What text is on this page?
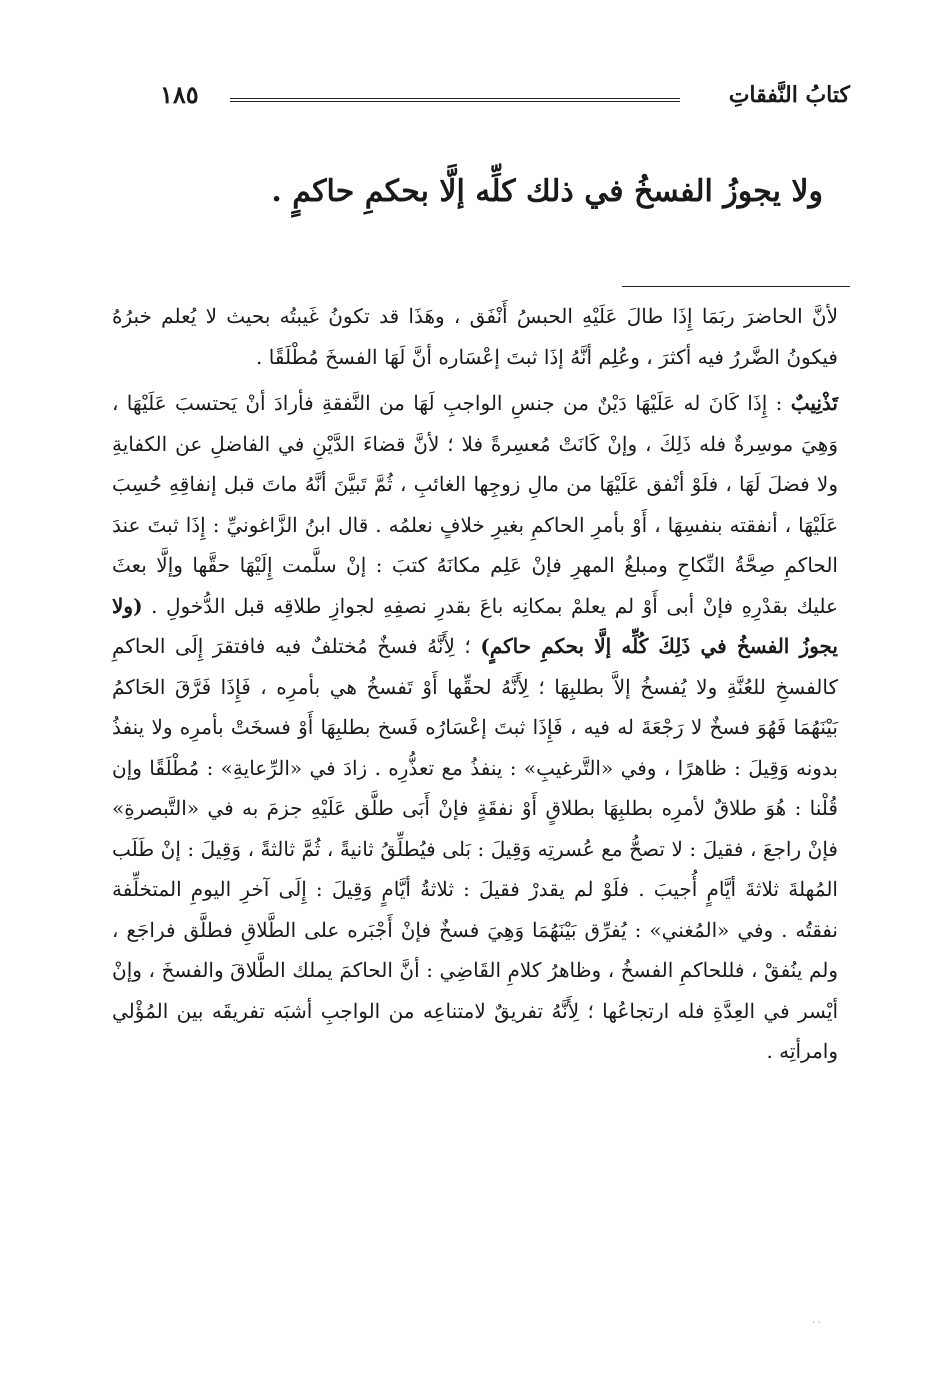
كتابُ النَّفقاتِ
١٨٥
ولا يجوزُ الفسخُ في ذلك كلِّه إلَّا بحكمِ حاكمٍ .

لأنَّ الحاضرَ ربَمَا إِذَا طالَ عَلَيْهِ الحبسُ أَنْفَق ، وهَذَا قد تكونُ غَيبتُه بحيث لا يُعلم خبرُهُ فيكونُ الضَّررُ فيه أكثرَ ، وعُلِم أنَّهُ إذَا ثبتَ إعْسَاره أنَّ لَهَا الفسخَ مُطْلَقًا .

تَذْنِيبٌ : إِذَا كَانَ له عَلَيْهَا دَيْنٌ من جنسِ الواجبِ لَهَا من النَّفقةِ فأرادَ أنْ يَحتسبَ عَلَيْهَا ، وَهِيَ موسِرةٌ فله ذَلِكَ ، وإنْ كَانَتْ مُعسِرةً فلا ؛ لأنَّ قضاءَ الدَّيْنِ في الفاضلِ عن الكفايةِ ولا فضلَ لَهَا ، فلَوْ أنْفق عَلَيْهَا من مالِ زوجِها الغائبِ ، ثُمَّ تَبيَّنَ أنَّهُ ماتَ قبل إنفاقِهِ حُسِبَ عَلَيْهَا ، أنفقته بنفسِهَا ، أَوْ بأمرِ الحاكمِ بغيرِ خلافٍ نعلمُه . قال ابنُ الزَّاغونيِّ : إِذَا ثبتَ عندَ الحاكمِ صِحَّةُ النِّكاحِ ومبلغُ المهرِ فإنْ عَلِم مكانَهُ كتبَ : إنْ سلَّمت إِلَيْهَا حقَّها وإلَّا بعثَ عليك بقدْرِهِ فإنْ أبى أَوْ لم يعلمْ بمكانِه باعَ بقدرِ نصفِهِ لجوازِ طلاقِه قبل الدُّخولِ . (ولا يجوزُ الفسخُ في ذَلِكَ كُلِّه إلَّا بحكمِ حاكمٍ) ؛ لِأَنَّهُ فسخٌ مُختلفٌ فيه فافتقرَ إِلَى الحاكمِ كالفسخِ للعُنَّةِ ولا يُفسخُ إلاَّ بطلبِهَا ؛ لِأَنَّهُ لحقِّها أَوْ تَفسخُ هي بأمرِه ، فَإِذَا فَرَّقَ الحَاكمُ بَيْنَهُمَا فَهُوَ فسخٌ لا رَجْعَةَ له فيه ، فَإِذَا ثبتَ إعْسَارُه فَسخ بطلبِهَا أَوْ فسخَتْ بأمرِه ولا ينفذُ بدونه وَقِيلَ : ظاهرًا ، وفي «التَّرغيبِ» : ينفذُ مع تعذُّرِه . زادَ في «الرِّعايةِ» : مُطْلَقًا وإن قُلْنا : هُوَ طلاقٌ لأمرِه بطلبِهَا بطلاقٍ أَوْ نفقَةٍ فإنْ أَبَى طلَّق عَلَيْهِ جزمَ به في «التَّبصرةِ» فإنْ راجعَ ، فقيلَ : لا تصحُّ مع عُسرتِه وَقِيلَ : بَلى فيُطلِّقُ ثانيةً ، ثُمَّ ثالثةً ، وَقِيلَ : إنْ طَلَب المُهلةَ ثلاثةَ أيَّامٍ أُجيبَ . فلَوْ لم يقدرْ فقيلَ : ثلاثةُ أيَّامٍ وَقِيلَ : إِلَى آخرِ اليومِ المتخلِّفة نفقتُه . وفي «المُغني» : يُفرِّق بَيْنَهُمَا وَهِيَ فسخٌ فإنْ أَجْبَره على الطَّلاقِ فطلَّق فراجَع ، ولم ينُفقْ ، فللحاكمِ الفسخُ ، وظاهرُ كلامِ القَاضِي : أنَّ الحاكمَ يملك الطَّلاقَ والفسخَ ، وإنْ أيْسر في العِدَّةِ فله ارتجاعُها ؛ لِأَنَّهُ تفريقٌ لامتناعِه من الواجبِ أشبَه تفريقَه بين المُؤْلي وامرأتِه .

· ·
